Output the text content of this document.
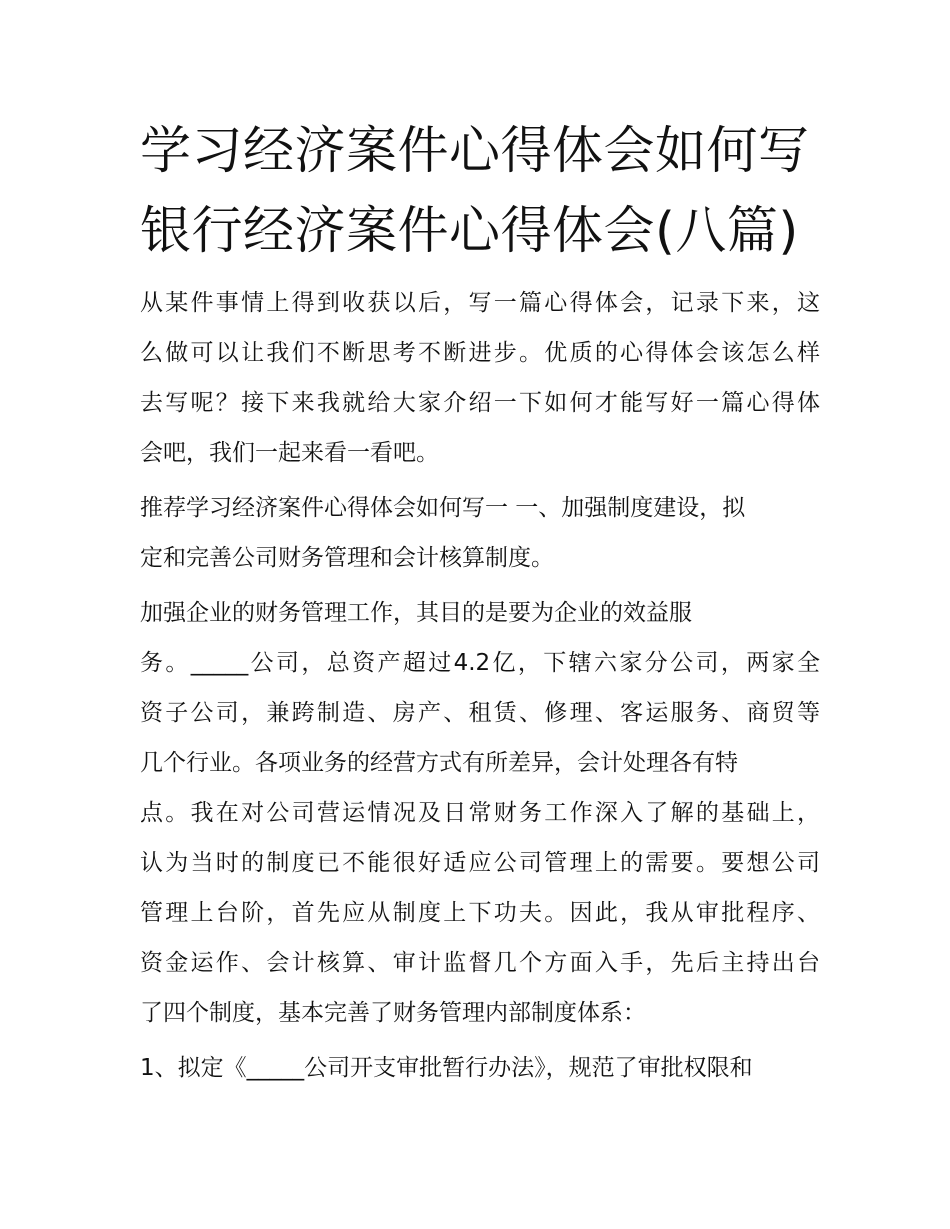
学习经济案件心得体会如何写
银行经济案件心得体会(八篇)
从某件事情上得到收获以后，写一篇心得体会，记录下来，这
么做可以让我们不断思考不断进步。优质的心得体会该怎么样
去写呢？接下来我就给大家介绍一下如何才能写好一篇心得体
会吧，我们一起来看一看吧。
推荐学习经济案件心得体会如何写一 一、加强制度建设，拟
定和完善公司财务管理和会计核算制度。
加强企业的财务管理工作，其目的是要为企业的效益服
务。_____公司，总资产超过4.2亿，下辖六家分公司，两家全
资子公司，兼跨制造、房产、租赁、修理、客运服务、商贸等
几个行业。各项业务的经营方式有所差异，会计处理各有特
点。我在对公司营运情况及日常财务工作深入了解的基础上，
认为当时的制度已不能很好适应公司管理上的需要。要想公司
管理上台阶，首先应从制度上下功夫。因此，我从审批程序、
资金运作、会计核算、审计监督几个方面入手，先后主持出台
了四个制度，基本完善了财务管理内部制度体系：
1、拟定《_____公司开支审批暂行办法》，规范了审批权限和
